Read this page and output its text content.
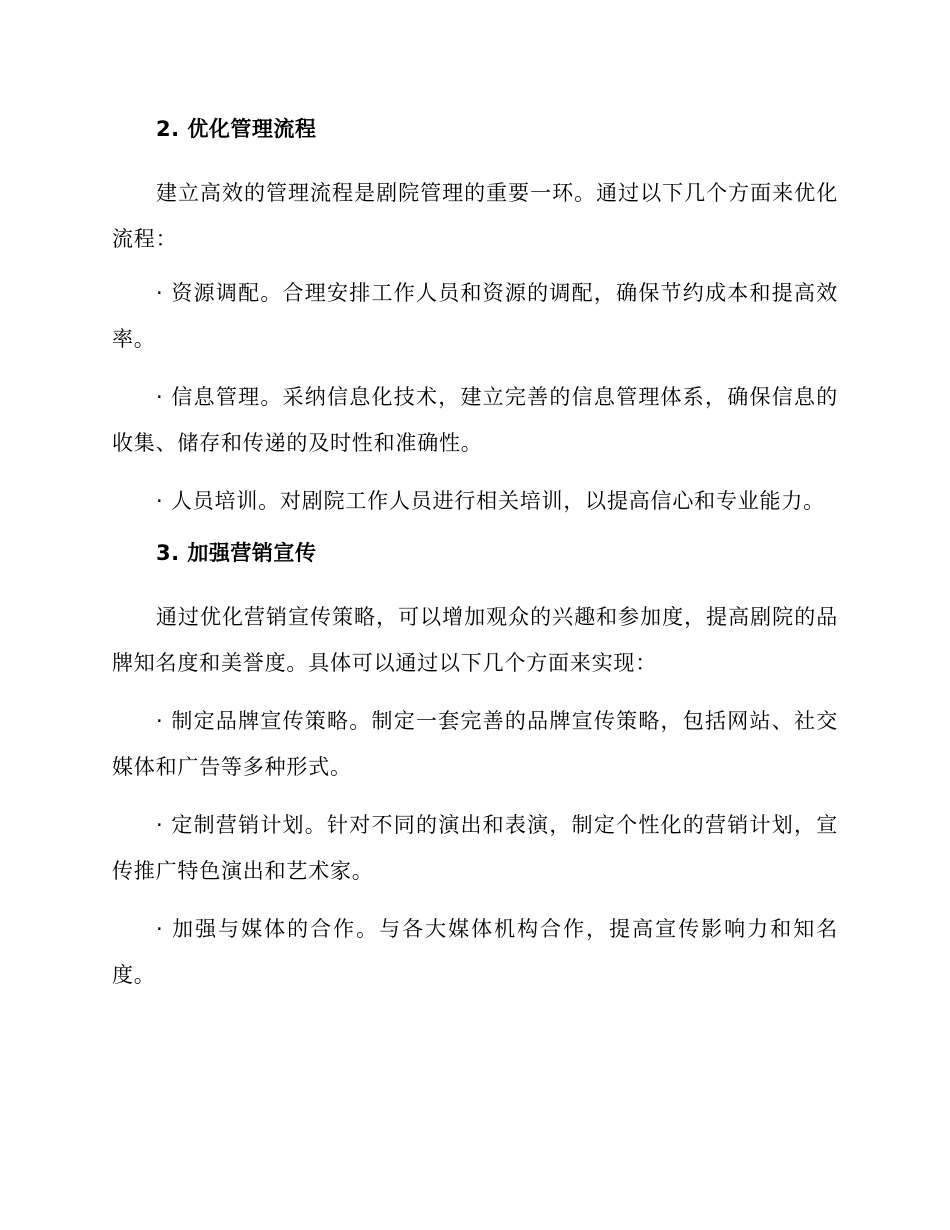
2. 优化管理流程

建立高效的管理流程是剧院管理的重要一环。通过以下几个方面来优化流程：

· 资源调配。合理安排工作人员和资源的调配，确保节约成本和提高效率。

· 信息管理。采纳信息化技术，建立完善的信息管理体系，确保信息的收集、储存和传递的及时性和准确性。

· 人员培训。对剧院工作人员进行相关培训，以提高信心和专业能力。

3. 加强营销宣传

通过优化营销宣传策略，可以增加观众的兴趣和参加度，提高剧院的品牌知名度和美誉度。具体可以通过以下几个方面来实现：

· 制定品牌宣传策略。制定一套完善的品牌宣传策略，包括网站、社交媒体和广告等多种形式。

· 定制营销计划。针对不同的演出和表演，制定个性化的营销计划，宣传推广特色演出和艺术家。

· 加强与媒体的合作。与各大媒体机构合作，提高宣传影响力和知名度。
